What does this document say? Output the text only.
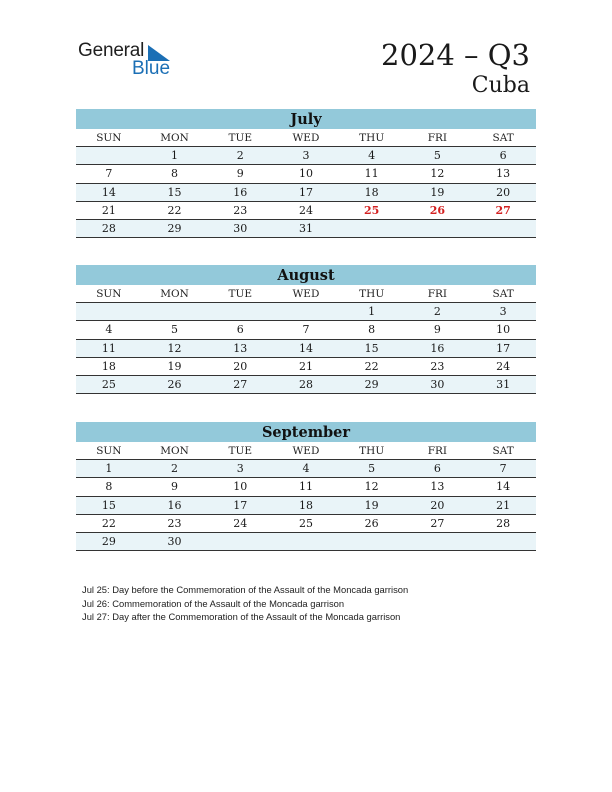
General
Blue	2024 – Q3
Cuba
July
SUN	MON	TUE	WED	THU	FRI	SAT
	1	2	3	4	5	6
7	8	9	10	11	12	13
14	15	16	17	18	19	20
21	22	23	24	25	26	27
28	29	30	31			
August
SUN	MON	TUE	WED	THU	FRI	SAT
				1	2	3
4	5	6	7	8	9	10
11	12	13	14	15	16	17
18	19	20	21	22	23	24
25	26	27	28	29	30	31
September
SUN	MON	TUE	WED	THU	FRI	SAT
1	2	3	4	5	6	7
8	9	10	11	12	13	14
15	16	17	18	19	20	21
22	23	24	25	26	27	28
29	30					
Jul 25: Day before the Commemoration of the Assault of the Moncada garrison
Jul 26: Commemoration of the Assault of the Moncada garrison
Jul 27: Day after the Commemoration of the Assault of the Moncada garrison
